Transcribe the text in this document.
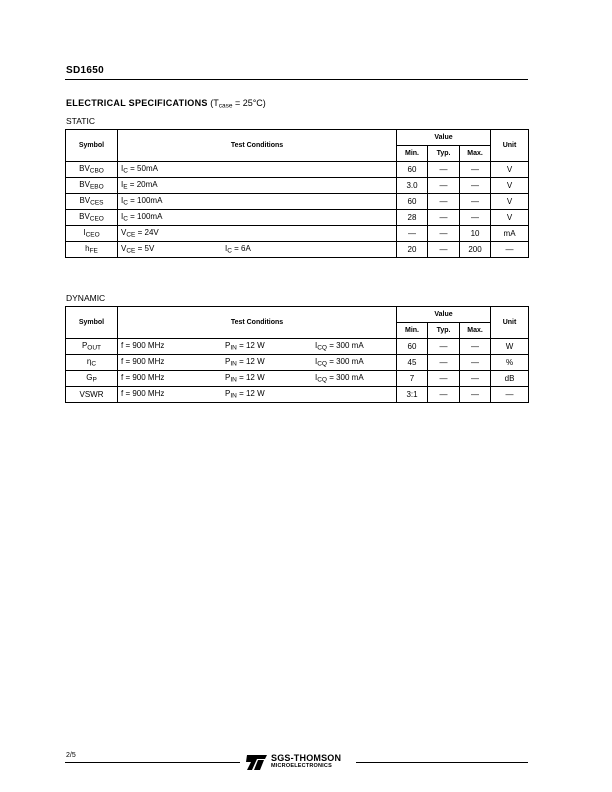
SD1650
ELECTRICAL SPECIFICATIONS $(T_{case} = 25^\circ C)$
STATIC
Symbol	Test Conditions	Value			Unit
		Min.	Typ.	Max.	
$BV_{CBO}$	$I_C = 50mA$	60	—	—	V
$BV_{EBO}$	$I_E = 20mA$	3.0	—	—	V
$BV_{CES}$	$I_C = 100mA$	60	—	—	V
$BV_{CEO}$	$I_C = 100mA$	28	—	—	V
$I_{CEO}$	$V_{CE} = 24V$	—	—	10	mA
$h_{FE}$	$V_{CE} = 5V$ $I_C = 6A$	20	—	200	—
DYNAMIC
Symbol	Test Conditions	Value			Unit
		Min.	Typ.	Max.	
$P_{OUT}$	f = 900 MHz $P_{IN} = 12$ W $I_{CQ} = 300$ mA	60	—	—	W
$\eta_C$	f = 900 MHz $P_{IN} = 12$ W $I_{CQ} = 300$ mA	45	—	—	%
$G_P$	f = 900 MHz $P_{IN} = 12$ W $I_{CQ} = 300$ mA	7	—	—	dB
VSWR	f = 900 MHz $P_{IN} = 12$ W	3:1	—	—	—
2/5	SGS-THOMSON
MICROELECTRONICS
